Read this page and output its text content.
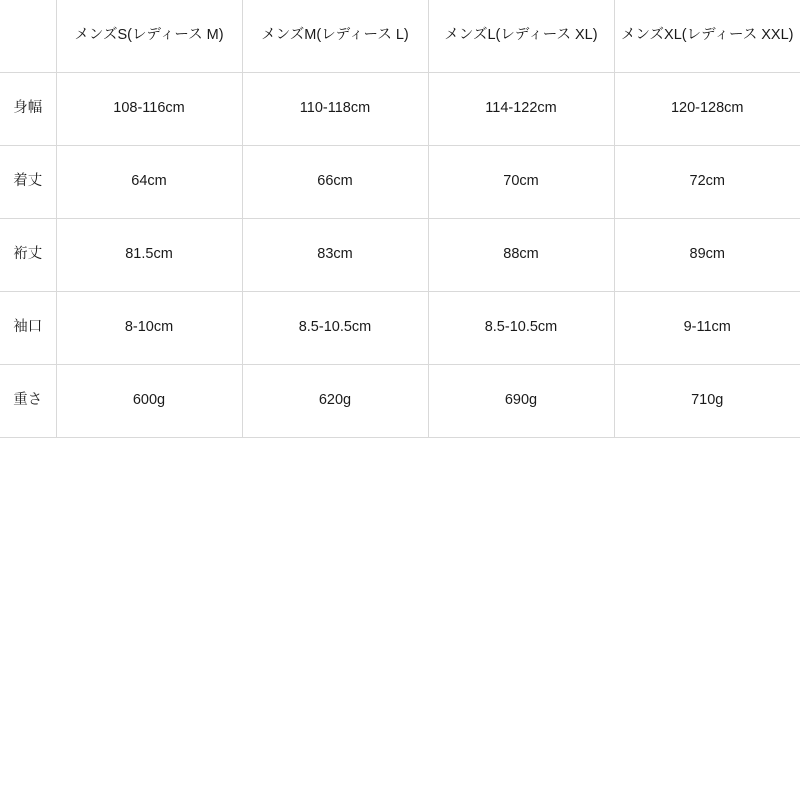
	メンズS(レディース M)	メンズM(レディース L)	メンズL(レディース XL)	メンズXL(レディース XXL)
身幅	108-116cm	110-118cm	114-122cm	120-128cm
着丈	64cm	66cm	70cm	72cm
裄丈	81.5cm	83cm	88cm	89cm
袖口	8-10cm	8.5-10.5cm	8.5-10.5cm	9-11cm
重さ	600g	620g	690g	710g
